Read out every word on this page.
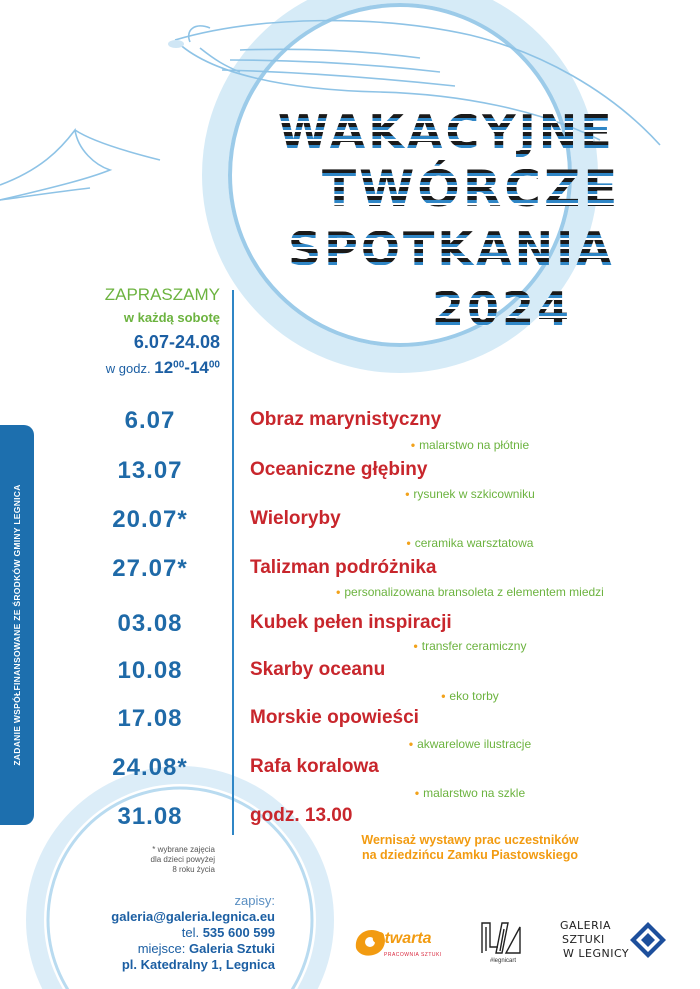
WAKACYJNE
TWÓRCZE
SPOTKANIA
2024
ZAPRASZAMY
w każdą sobotę
6.07-24.08
w godz. $12^{00}-14^{00}$
6.07	Obraz marynistyczny
• malarstwo na płótnie
13.07	Oceaniczne głębiny
• rysunek w szkicowniku
20.07*	Wieloryby
• ceramika warsztatowa
27.07*	Talizman podróżnika
• personalizowana bransoleta z elementem miedzi
03.08	Kubek pełen inspiracji
• transfer ceramiczny
10.08	Skarby oceanu
• eko torby
17.08	Morskie opowieści
• akwarelowe ilustracje
24.08*	Rafa koralowa
• malarstwo na szkle
31.08	godz. 13.00
Wernisaż wystawy prac uczestników
na dziedzińcu Zamku Piastowskiego
* wybrane zajęcia
dla dzieci powyżej
8 roku życia
ZADANIE WSPÓŁFINANSOWANE ZE ŚRODKÓW GMINY LEGNICA
zapisy:
galeria@galeria.legnica.eu
tel. 535 600 599
miejsce: Galeria Sztuki
pl. Katedralny 1, Legnica
Otwarta
PRACOWNIA SZTUKI
#legnicart
GALERIA
SZTUKI
W LEGNICY
